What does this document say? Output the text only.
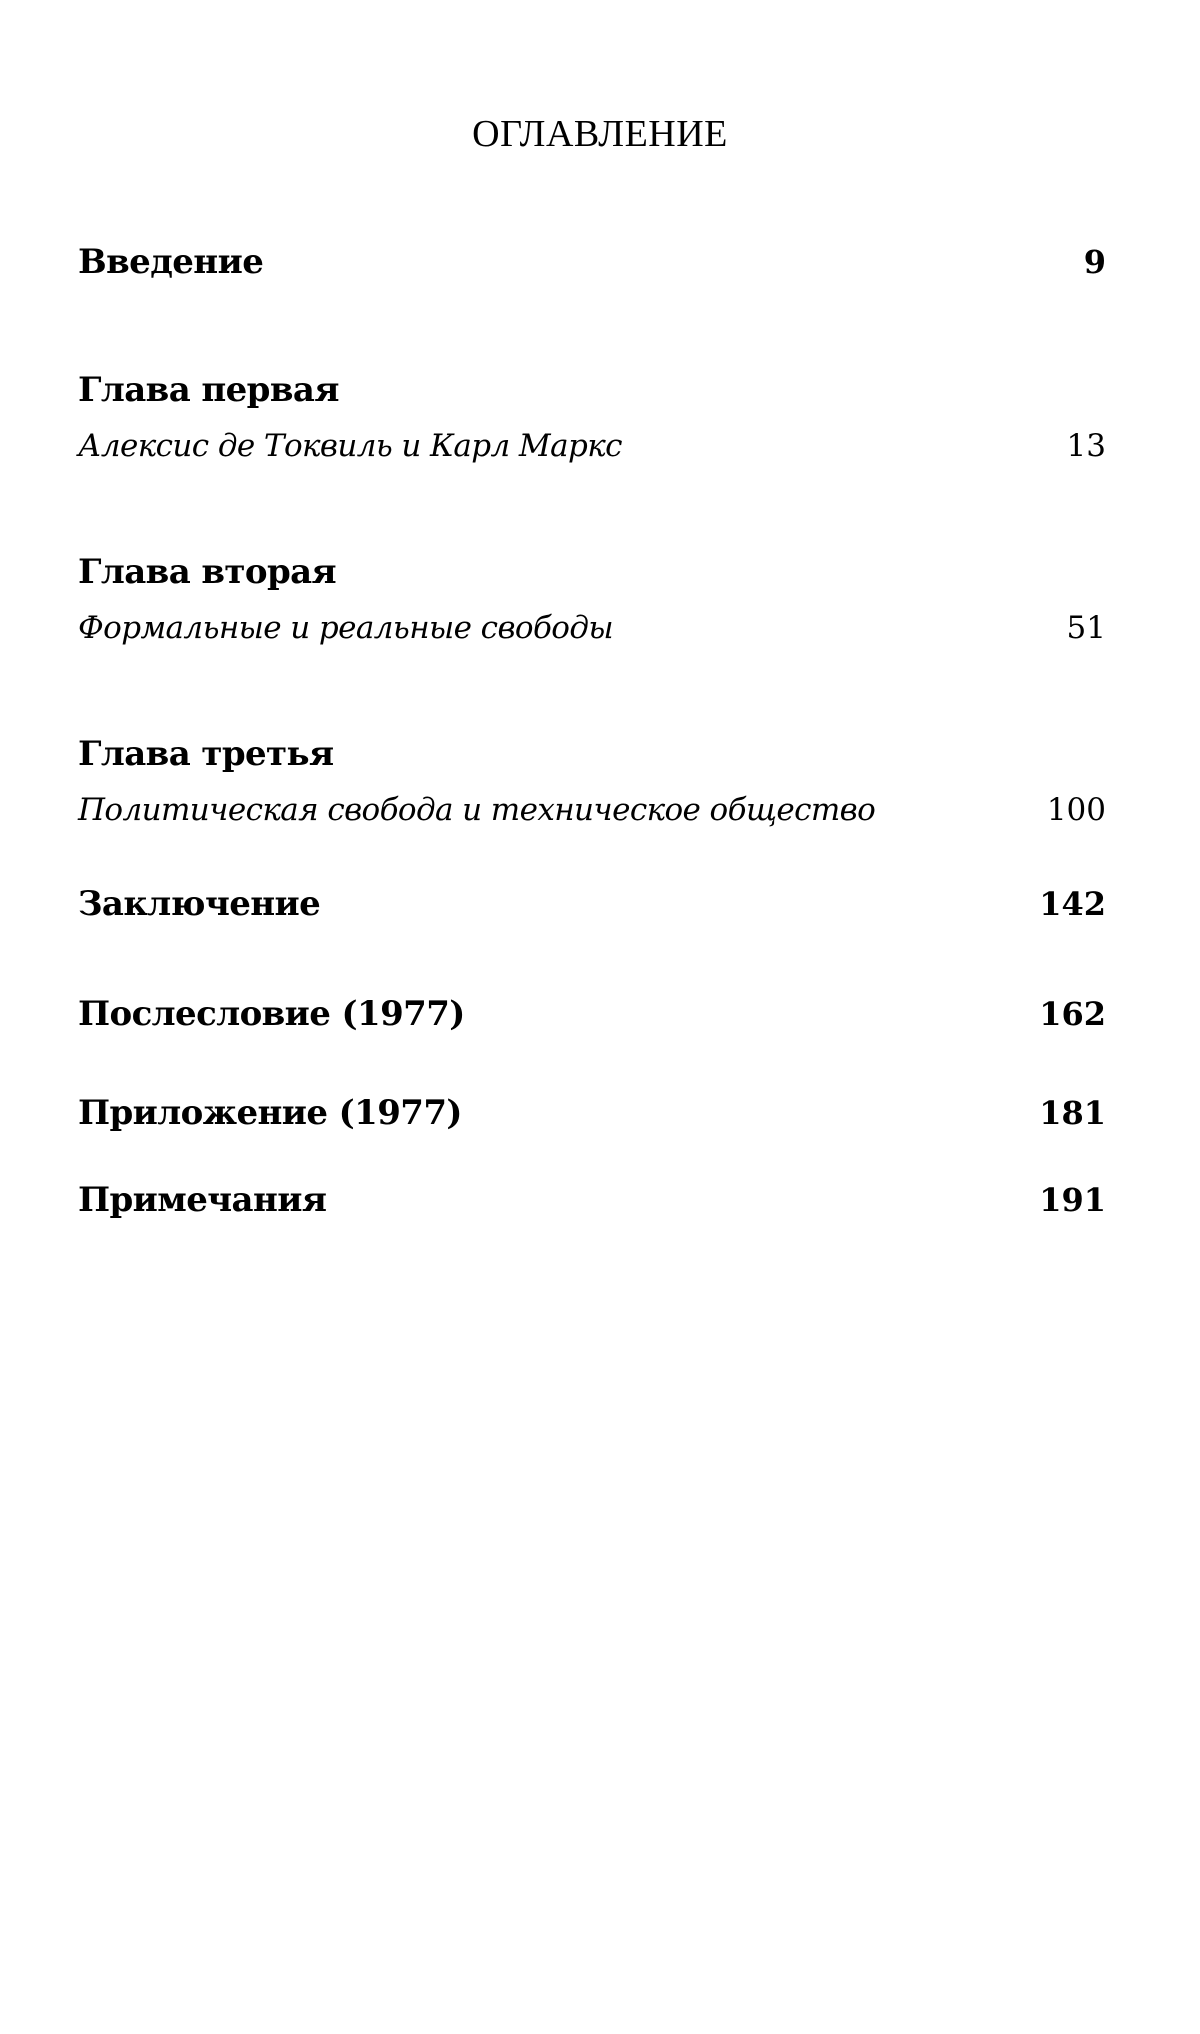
ОГЛАВЛЕНИЕ
Введение	9
Глава первая
Алексис де Токвиль и Карл Маркс	13
Глава вторая
Формальные и реальные свободы	51
Глава третья
Политическая свобода и техническое общество	100
Заключение	142
Послесловие (1977)	162
Приложение (1977)	181
Примечания	191
